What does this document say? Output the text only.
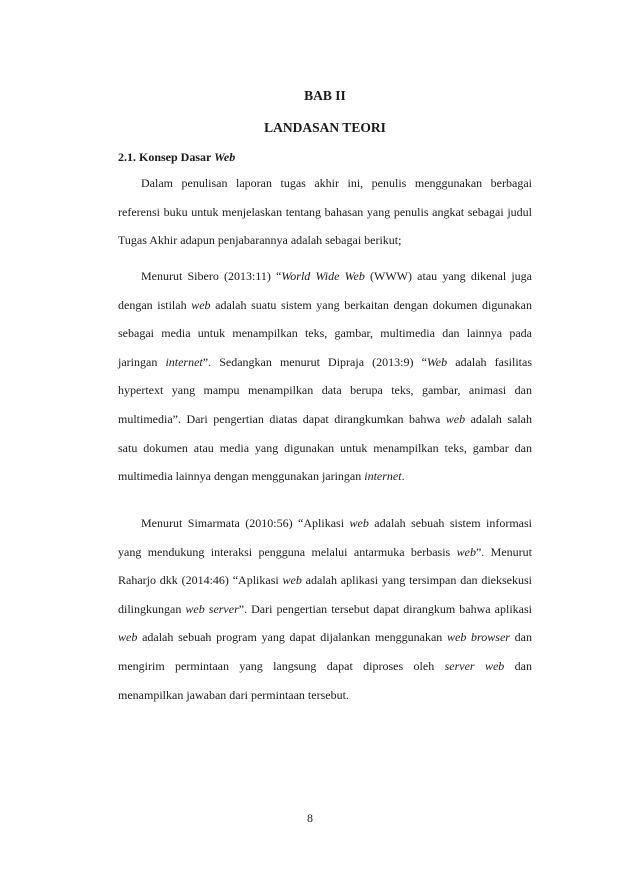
BAB II
LANDASAN TEORI
2.1. Konsep Dasar Web

Dalam penulisan laporan tugas akhir ini, penulis menggunakan berbagai referensi buku untuk menjelaskan tentang bahasan yang penulis angkat sebagai judul Tugas Akhir adapun penjabarannya adalah sebagai berikut;

Menurut Sibero (2013:11) “World Wide Web (WWW) atau yang dikenal juga dengan istilah web adalah suatu sistem yang berkaitan dengan dokumen digunakan sebagai media untuk menampilkan teks, gambar, multimedia dan lainnya pada jaringan internet”. Sedangkan menurut Dipraja (2013:9) “Web adalah fasilitas hypertext yang mampu menampilkan data berupa teks, gambar, animasi dan multimedia”. Dari pengertian diatas dapat dirangkumkan bahwa web adalah salah satu dokumen atau media yang digunakan untuk menampilkan teks, gambar dan multimedia lainnya dengan menggunakan jaringan internet.

Menurut Simarmata (2010:56) “Aplikasi web adalah sebuah sistem informasi yang mendukung interaksi pengguna melalui antarmuka berbasis web”. Menurut Raharjo dkk (2014:46) “Aplikasi web adalah aplikasi yang tersimpan dan dieksekusi dilingkungan web server”. Dari pengertian tersebut dapat dirangkum bahwa aplikasi web adalah sebuah program yang dapat dijalankan menggunakan web browser dan mengirim permintaan yang langsung dapat diproses oleh server web dan menampilkan jawaban dari permintaan tersebut.

8
